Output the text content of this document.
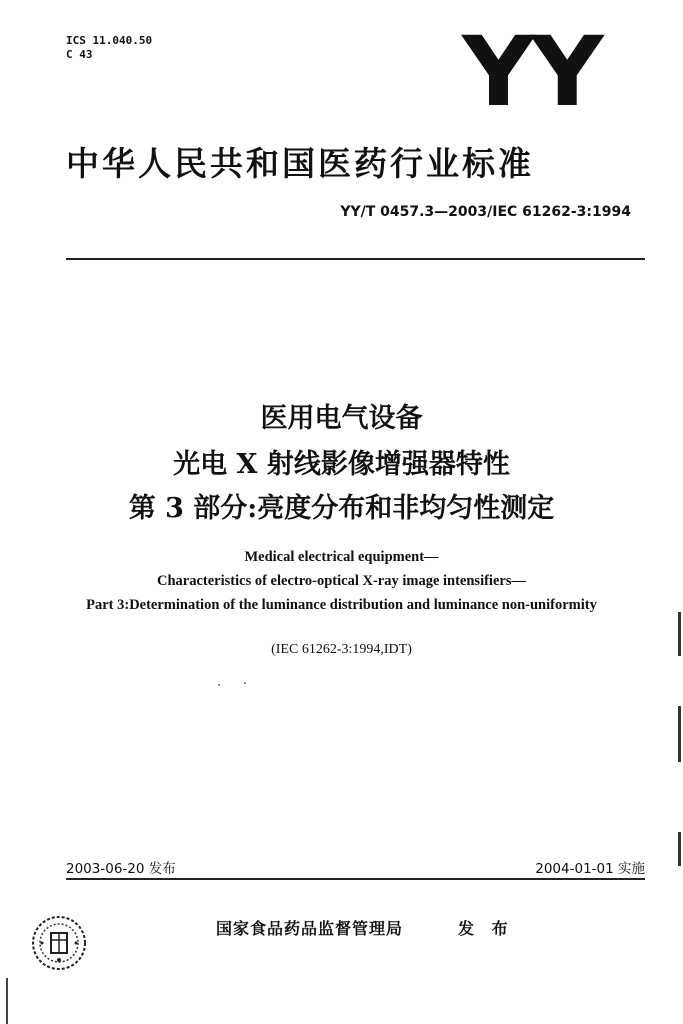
ICS 11.040.50
C 43	YY
中华人民共和国医药行业标准
YY/T 0457.3—2003/IEC 61262-3:1994
医用电气设备
光电 X 射线影像增强器特性
第 3 部分:亮度分布和非均匀性测定
Medical electrical equipment—
Characteristics of electro-optical X-ray image intensifiers—
Part 3:Determination of the luminance distribution and luminance non-uniformity
(IEC 61262-3:1994,IDT)
2003-06-20 发布	2004-01-01 实施
国家食品药品监督管理局	发 布
